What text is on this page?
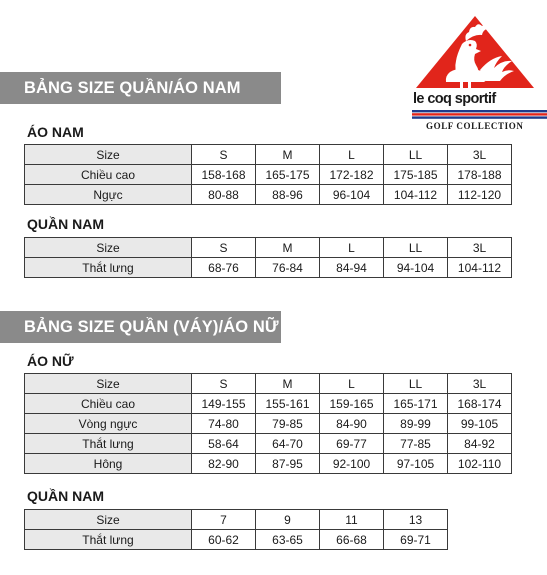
le coq sportif
GOLF COLLECTION
BẢNG SIZE QUẦN/ÁO NAM
ÁO NAM
Size	S	M	L	LL	3L
Chiều cao	158-168	165-175	172-182	175-185	178-188
Ngực	80-88	88-96	96-104	104-112	112-120
QUẦN NAM
Size	S	M	L	LL	3L
Thắt lưng	68-76	76-84	84-94	94-104	104-112
BẢNG SIZE QUẦN (VÁY)/ÁO NỮ
ÁO NỮ
Size	S	M	L	LL	3L
Chiều cao	149-155	155-161	159-165	165-171	168-174
Vòng ngực	74-80	79-85	84-90	89-99	99-105
Thắt lưng	58-64	64-70	69-77	77-85	84-92
Hông	82-90	87-95	92-100	97-105	102-110
QUẦN NAM
Size	7	9	11	13
Thắt lưng	60-62	63-65	66-68	69-71
